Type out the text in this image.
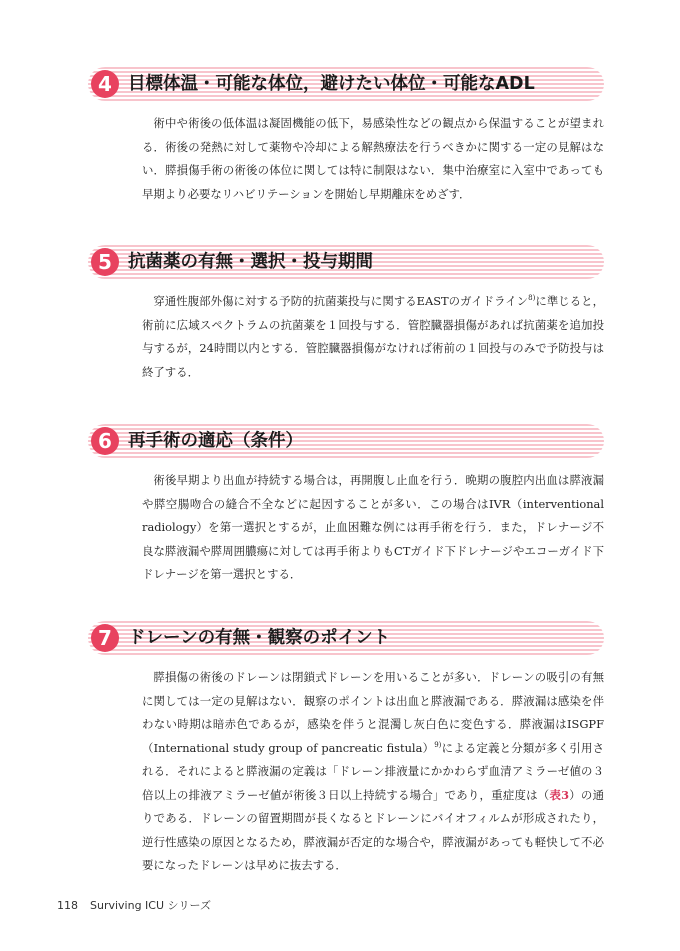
4 目標体温・可能な体位，避けたい体位・可能なADL

術中や術後の低体温は凝固機能の低下，易感染性などの観点から保温することが望まれる．術後の発熱に対して薬物や冷却による解熱療法を行うべきかに関する一定の見解はない．膵損傷手術の術後の体位に関しては特に制限はない．集中治療室に入室中であっても早期より必要なリハビリテーションを開始し早期離床をめざす．

5 抗菌薬の有無・選択・投与期間

穿通性腹部外傷に対する予防的抗菌薬投与に関するEASTのガイドライン$^{8)}$に準じると，術前に広域スペクトラムの抗菌薬を１回投与する．管腔臓器損傷があれば抗菌薬を追加投与するが，24時間以内とする．管腔臓器損傷がなければ術前の１回投与のみで予防投与は終了する．

6 再手術の適応（条件）

術後早期より出血が持続する場合は，再開腹し止血を行う．晩期の腹腔内出血は膵液漏や膵空腸吻合の縫合不全などに起因することが多い．この場合はIVR（interventional radiology）を第一選択とするが，止血困難な例には再手術を行う．また，ドレナージ不良な膵液漏や膵周囲膿瘍に対しては再手術よりもCTガイド下ドレナージやエコーガイド下ドレナージを第一選択とする．

7 ドレーンの有無・観察のポイント

膵損傷の術後のドレーンは閉鎖式ドレーンを用いることが多い．ドレーンの吸引の有無に関しては一定の見解はない．観察のポイントは出血と膵液漏である．膵液漏は感染を伴わない時期は暗赤色であるが，感染を伴うと混濁し灰白色に変色する．膵液漏はISGPF（International study group of pancreatic fistula）$^{9)}$による定義と分類が多く引用される．それによると膵液漏の定義は「ドレーン排液量にかかわらず血清アミラーゼ値の３倍以上の排液アミラーゼ値が術後３日以上持続する場合」であり，重症度は（表3）の通りである．ドレーンの留置期間が長くなるとドレーンにバイオフィルムが形成されたり，逆行性感染の原因となるため，膵液漏が否定的な場合や，膵液漏があっても軽快して不必要になったドレーンは早めに抜去する．

118 Surviving ICU シリーズ
